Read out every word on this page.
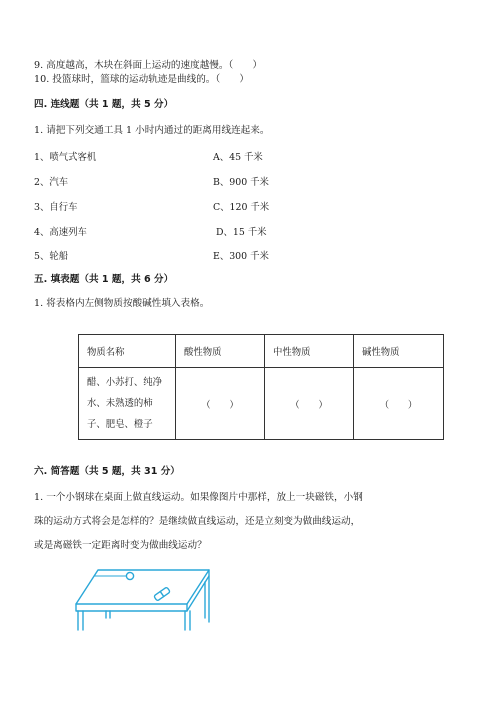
9. 高度越高，木块在斜面上运动的速度越慢。（　　）
10. 投篮球时，篮球的运动轨迹是曲线的。（　　）
四. 连线题（共 1 题，共 5 分）
1. 请把下列交通工具 1 小时内通过的距离用线连起来。
1、喷气式客机
2、汽车
3、自行车
4、高速列车
5、轮船
A、45 千米
B、900 千米
C、120 千米
D、15 千米
E、300 千米
五. 填表题（共 1 题，共 6 分）
1. 将表格内左侧物质按酸碱性填入表格。
物质名称	酸性物质	中性物质	碱性物质

醋、小苏打、纯净
水、未熟透的柿
子、肥皂、橙子	（　　）	（　　）	（　　）
六. 简答题（共 5 题，共 31 分）
1. 一个小钢球在桌面上做直线运动。如果像图片中那样，放上一块磁铁，小钢
珠的运动方式将会是怎样的？是继续做直线运动，还是立刻变为做曲线运动，
或是离磁铁一定距离时变为做曲线运动？
